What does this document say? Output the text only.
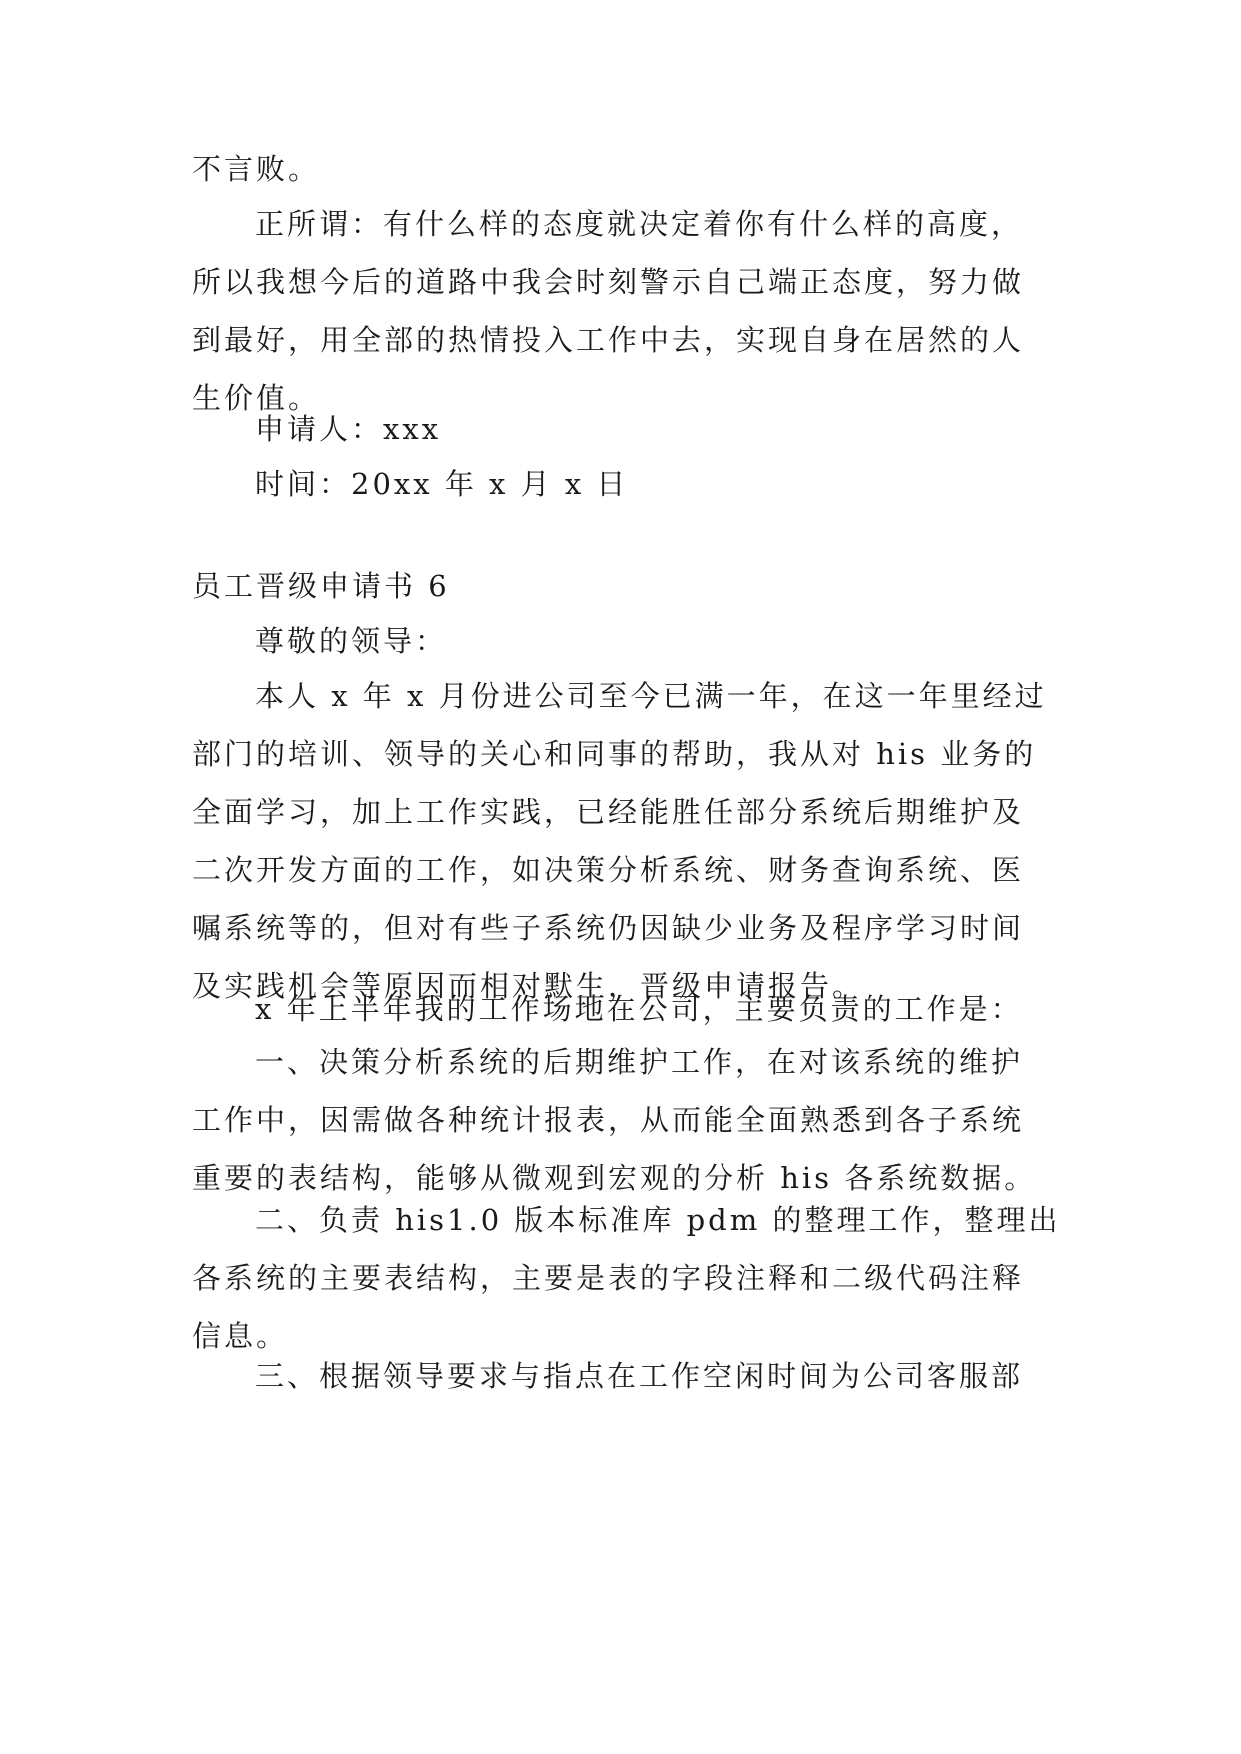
不言败。

正所谓：有什么样的态度就决定着你有什么样的高度，
所以我想今后的道路中我会时刻警示自己端正态度，努力做
到最好，用全部的热情投入工作中去，实现自身在居然的人
生价值。

申请人：xxx

时间：20xx 年 x 月 x 日

员工晋级申请书 6

尊敬的领导：

本人 x 年 x 月份进公司至今已满一年，在这一年里经过
部门的培训、领导的关心和同事的帮助，我从对 his 业务的
全面学习，加上工作实践，已经能胜任部分系统后期维护及
二次开发方面的工作，如决策分析系统、财务查询系统、医
嘱系统等的，但对有些子系统仍因缺少业务及程序学习时间
及实践机会等原因而相对默生，晋级申请报告。

x 年上半年我的工作场地在公司，主要负责的工作是：

一、决策分析系统的后期维护工作，在对该系统的维护
工作中，因需做各种统计报表，从而能全面熟悉到各子系统
重要的表结构，能够从微观到宏观的分析 his 各系统数据。

二、负责 his1.0 版本标准库 pdm 的整理工作，整理出
各系统的主要表结构，主要是表的字段注释和二级代码注释
信息。

三、根据领导要求与指点在工作空闲时间为公司客服部
